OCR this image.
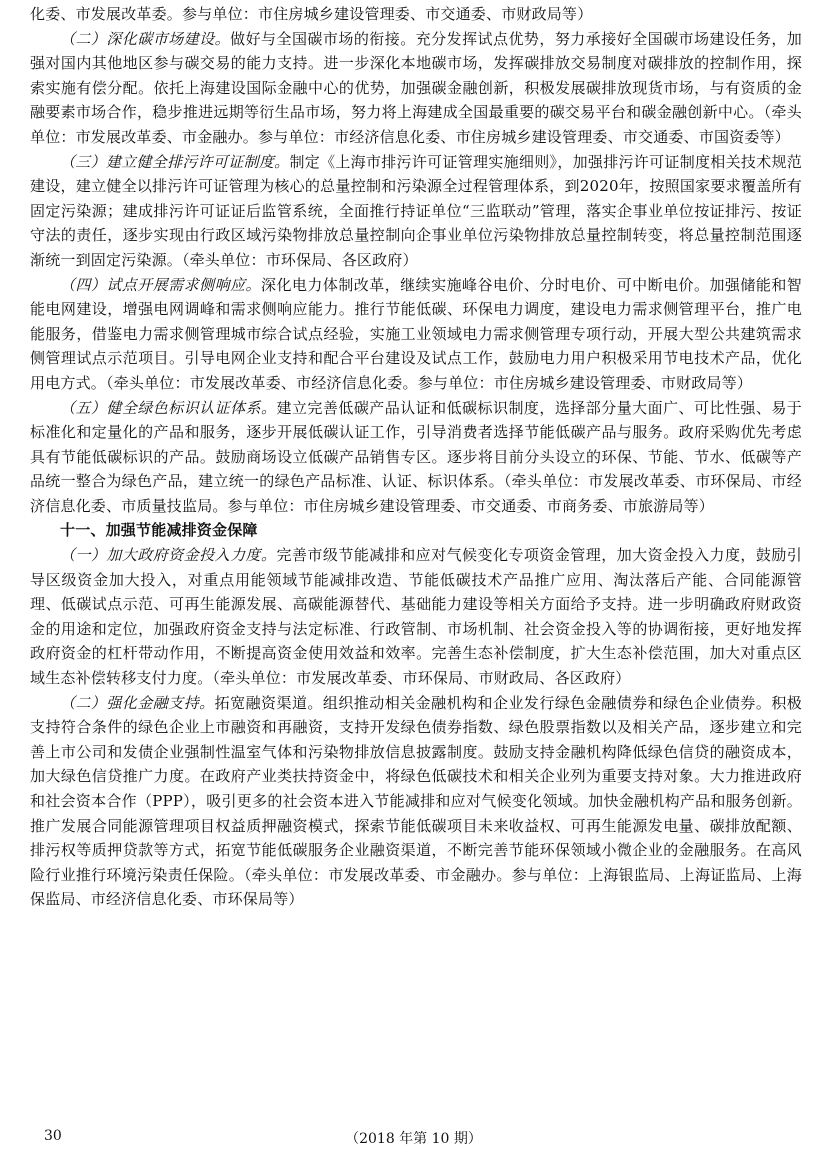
化委、市发展改革委。参与单位：市住房城乡建设管理委、市交通委、市财政局等）

（二）深化碳市场建设。做好与全国碳市场的衔接。充分发挥试点优势，努力承接好全国碳市场建设任务，加强对国内其他地区参与碳交易的能力支持。进一步深化本地碳市场，发挥碳排放交易制度对碳排放的控制作用，探索实施有偿分配。依托上海建设国际金融中心的优势，加强碳金融创新，积极发展碳排放现货市场，与有资质的金融要素市场合作，稳步推进远期等衍生品市场，努力将上海建成全国最重要的碳交易平台和碳金融创新中心。（牵头单位：市发展改革委、市金融办。参与单位：市经济信息化委、市住房城乡建设管理委、市交通委、市国资委等）

（三）建立健全排污许可证制度。制定《上海市排污许可证管理实施细则》，加强排污许可证制度相关技术规范建设，建立健全以排污许可证管理为核心的总量控制和污染源全过程管理体系，到2020年，按照国家要求覆盖所有固定污染源；建成排污许可证证后监管系统，全面推行持证单位“三监联动”管理，落实企事业单位按证排污、按证守法的责任，逐步实现由行政区域污染物排放总量控制向企事业单位污染物排放总量控制转变，将总量控制范围逐渐统一到固定污染源。（牵头单位：市环保局、各区政府）

（四）试点开展需求侧响应。深化电力体制改革，继续实施峰谷电价、分时电价、可中断电价。加强储能和智能电网建设，增强电网调峰和需求侧响应能力。推行节能低碳、环保电力调度，建设电力需求侧管理平台，推广电能服务，借鉴电力需求侧管理城市综合试点经验，实施工业领域电力需求侧管理专项行动，开展大型公共建筑需求侧管理试点示范项目。引导电网企业支持和配合平台建设及试点工作，鼓励电力用户积极采用节电技术产品，优化用电方式。（牵头单位：市发展改革委、市经济信息化委。参与单位：市住房城乡建设管理委、市财政局等）

（五）健全绿色标识认证体系。建立完善低碳产品认证和低碳标识制度，选择部分量大面广、可比性强、易于标准化和定量化的产品和服务，逐步开展低碳认证工作，引导消费者选择节能低碳产品与服务。政府采购优先考虑具有节能低碳标识的产品。鼓励商场设立低碳产品销售专区。逐步将目前分头设立的环保、节能、节水、低碳等产品统一整合为绿色产品，建立统一的绿色产品标准、认证、标识体系。（牵头单位：市发展改革委、市环保局、市经济信息化委、市质量技监局。参与单位：市住房城乡建设管理委、市交通委、市商务委、市旅游局等）

十一、加强节能减排资金保障

（一）加大政府资金投入力度。完善市级节能减排和应对气候变化专项资金管理，加大资金投入力度，鼓励引导区级资金加大投入，对重点用能领域节能减排改造、节能低碳技术产品推广应用、淘汰落后产能、合同能源管理、低碳试点示范、可再生能源发展、高碳能源替代、基础能力建设等相关方面给予支持。进一步明确政府财政资金的用途和定位，加强政府资金支持与法定标准、行政管制、市场机制、社会资金投入等的协调衔接，更好地发挥政府资金的杠杆带动作用，不断提高资金使用效益和效率。完善生态补偿制度，扩大生态补偿范围，加大对重点区域生态补偿转移支付力度。（牵头单位：市发展改革委、市环保局、市财政局、各区政府）

（二）强化金融支持。拓宽融资渠道。组织推动相关金融机构和企业发行绿色金融债券和绿色企业债券。积极支持符合条件的绿色企业上市融资和再融资，支持开发绿色债券指数、绿色股票指数以及相关产品，逐步建立和完善上市公司和发债企业强制性温室气体和污染物排放信息披露制度。鼓励支持金融机构降低绿色信贷的融资成本，加大绿色信贷推广力度。在政府产业类扶持资金中，将绿色低碳技术和相关企业列为重要支持对象。大力推进政府和社会资本合作（PPP），吸引更多的社会资本进入节能减排和应对气候变化领域。加快金融机构产品和服务创新。推广发展合同能源管理项目权益质押融资模式，探索节能低碳项目未来收益权、可再生能源发电量、碳排放配额、排污权等质押贷款等方式，拓宽节能低碳服务企业融资渠道，不断完善节能环保领域小微企业的金融服务。在高风险行业推行环境污染责任保险。（牵头单位：市发展改革委、市金融办。参与单位：上海银监局、上海证监局、上海保监局、市经济信息化委、市环保局等）

30	（2018 年第 10 期）
